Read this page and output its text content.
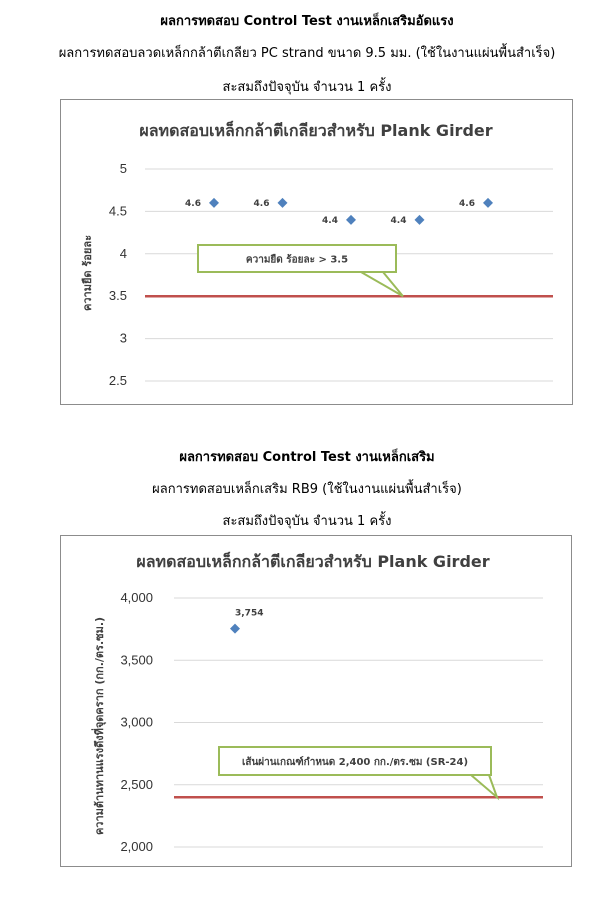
ผลการทดสอบ Control Test งานเหล็กเสริมอัดแรง
ผลการทดสอบลวดเหล็กกล้าตีเกลียว PC strand ขนาด 9.5 มม. (ใช้ในงานแผ่นพื้นสำเร็จ)
สะสมถึงปัจจุบัน จำนวน 1 ครั้ง
ผลทดสอบเหล็กกล้าตีเกลียวสำหรับ Plank Girder
2.5
3
3.5
4
4.5
5
4.6	4.6
4.4	4.4
4.6
ความยืด ร้อยละ > 3.5
ความยืด ร้อยละ
ผลการทดสอบ Control Test งานเหล็กเสริม
ผลการทดสอบเหล็กเสริม RB9 (ใช้ในงานแผ่นพื้นสำเร็จ)
สะสมถึงปัจจุบัน จำนวน 1 ครั้ง
ผลทดสอบเหล็กกล้าตีเกลียวสำหรับ Plank Girder
2,000
2,500
3,000
3,500
4,000
3,754
เส้นผ่านเกณฑ์กำหนด 2,400 กก./ตร.ซม (SR-24)
ความต้านทานแรงดึงที่จุดคราก (กก./ตร.ซม.)
